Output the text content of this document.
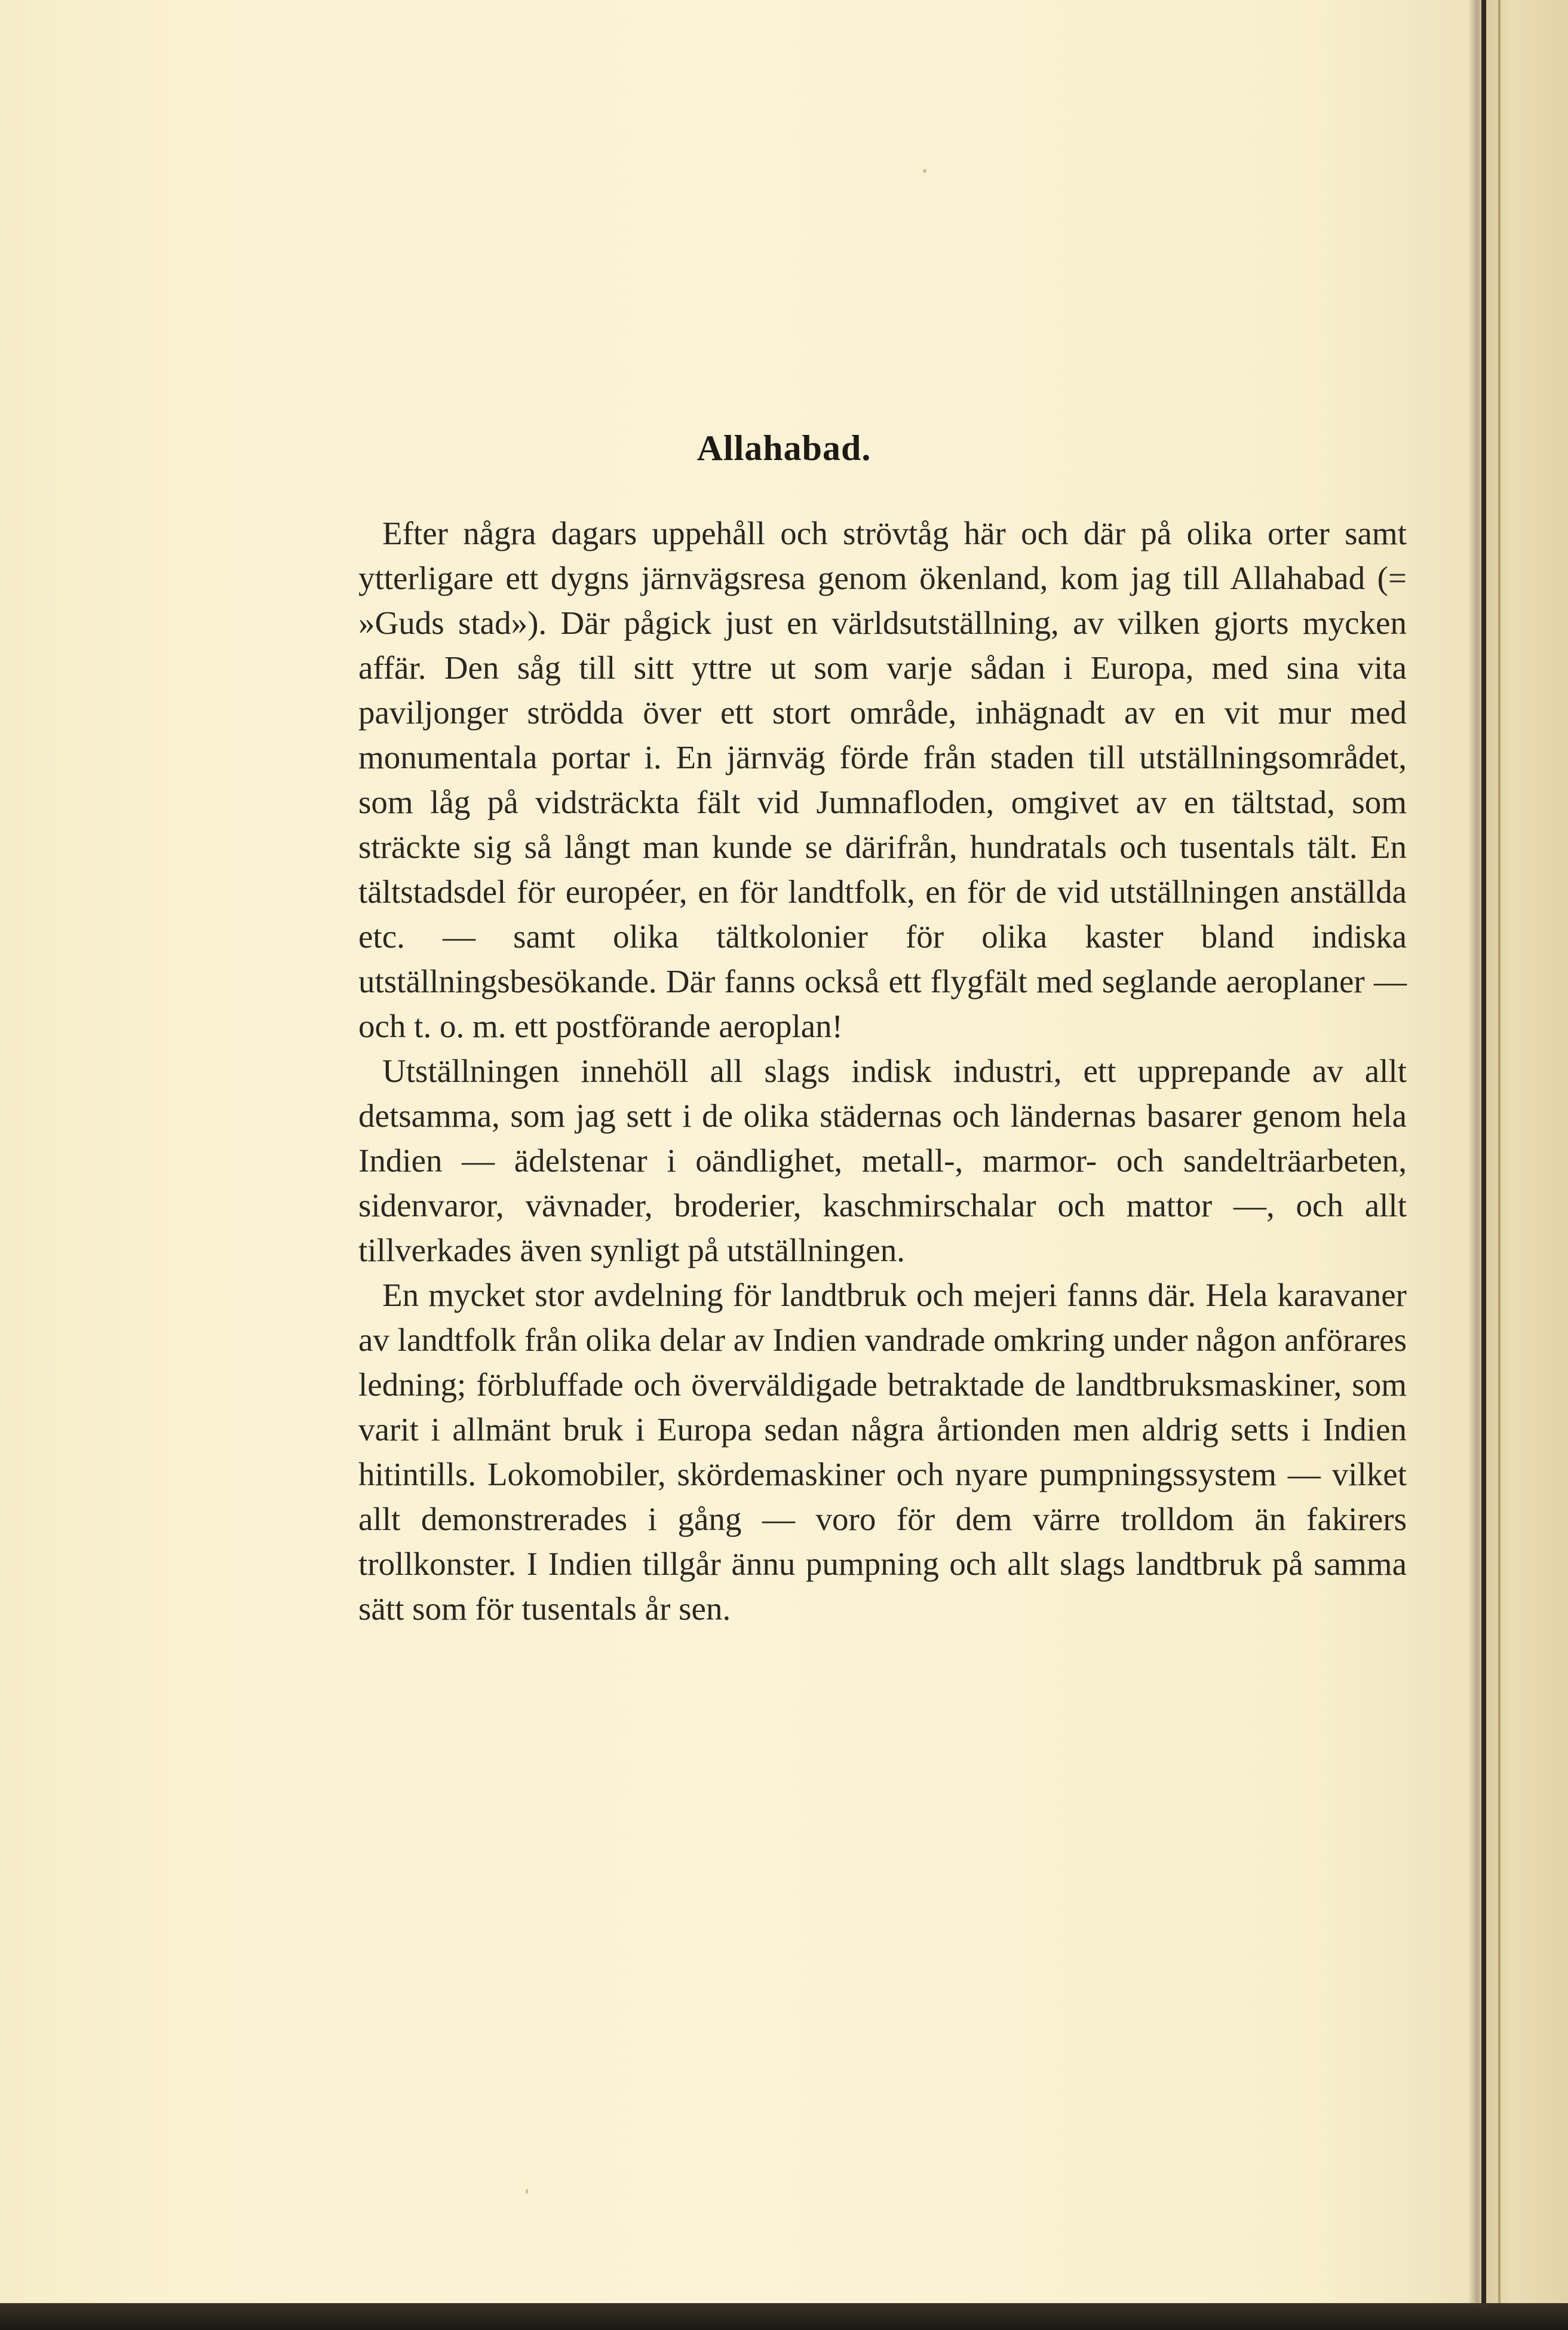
Allahabad.

Efter några dagars uppehåll och strövtåg här och där på olika orter samt ytterligare ett dygns järnvägsresa genom ökenland, kom jag till Allahabad (= »Guds stad»). Där pågick just en världsutställning, av vilken gjorts mycken affär. Den såg till sitt yttre ut som varje sådan i Europa, med sina vita paviljonger strödda över ett stort område, inhägnadt av en vit mur med monumentala portar i. En järnväg förde från staden till utställningsområdet, som låg på vidsträckta fält vid Jumnafloden, omgivet av en tältstad, som sträckte sig så långt man kunde se därifrån, hundratals och tusentals tält. En tältstadsdel för européer, en för landtfolk, en för de vid utställningen anställda etc. — samt olika tältkolonier för olika kaster bland indiska utställningsbesökande. Där fanns också ett flygfält med seglande aeroplaner — och t. o. m. ett postförande aeroplan!

Utställningen innehöll all slags indisk industri, ett upprepande av allt detsamma, som jag sett i de olika städernas och ländernas basarer genom hela Indien — ädelstenar i oändlighet, metall-, marmor- och sandelträarbeten, sidenvaror, vävnader, broderier, kaschmirschalar och mattor —, och allt tillverkades även synligt på utställningen.

En mycket stor avdelning för landtbruk och mejeri fanns där. Hela karavaner av landtfolk från olika delar av Indien vandrade omkring under någon anförares ledning; förbluffade och överväldigade betraktade de landtbruksmaskiner, som varit i allmänt bruk i Europa sedan några årtionden men aldrig setts i Indien hitintills. Lokomobiler, skördemaskiner och nyare pumpningssystem — vilket allt demonstrerades i gång — voro för dem värre trolldom än fakirers trollkonster. I Indien tillgår ännu pumpning och allt slags landtbruk på samma sätt som för tusentals år sen.
